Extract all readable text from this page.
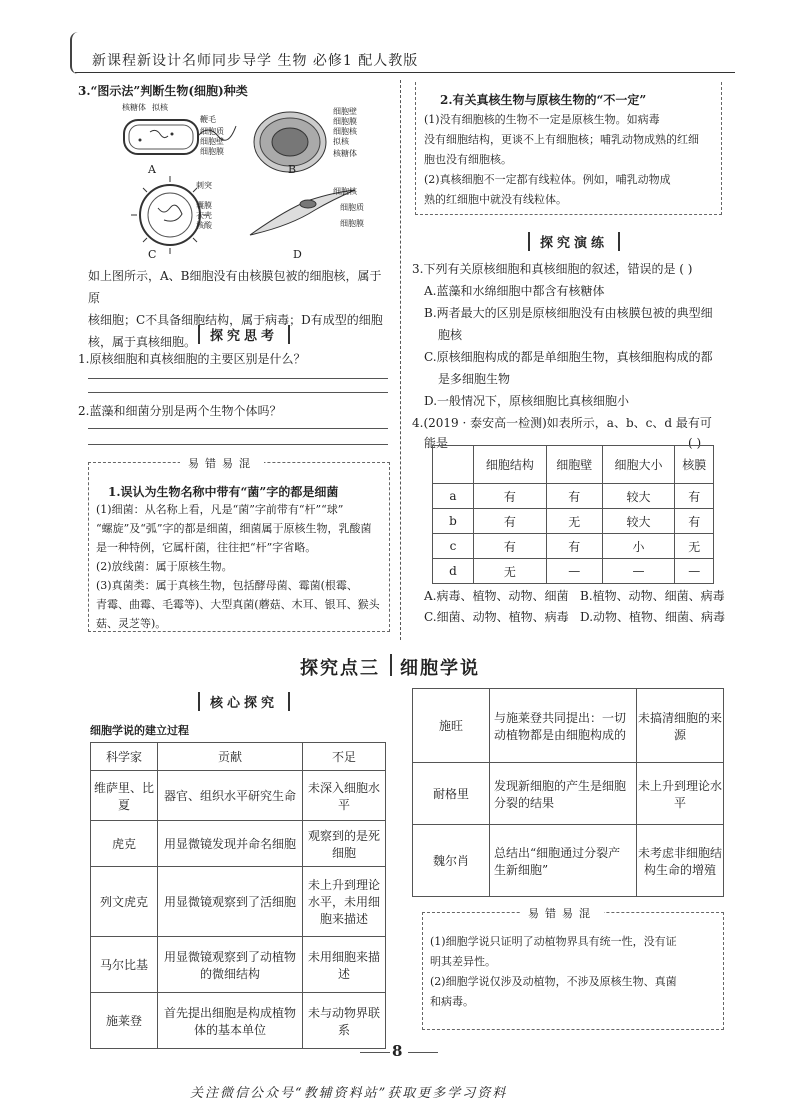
新课程新设计名师同步导学 生物 必修1 配人教版
3.“图示法”判断生物(细胞)种类
核糖体 拟核
鞭毛
细胞质
细胞壁
细胞膜
A
细胞壁
细胞膜
细胞核
拟核
核糖体
B
刺突
囊膜
衣壳
核酸
C
细胞核
细胞质
细胞膜
D
如上图所示，A、B细胞没有由核膜包被的细胞核，属于原
核细胞；C不具备细胞结构，属于病毒；D有成型的细胞
核，属于真核细胞。	探究思考
1.原核细胞和真核细胞的主要区别是什么？
2.蓝藻和细菌分别是两个生物个体吗？
易错易混
1.误认为生物名称中带有“菌”字的都是细菌
(1)细菌：从名称上看，凡是“菌”字前带有“杆”“球”
“螺旋”及“弧”字的都是细菌，细菌属于原核生物，乳酸菌
是一种特例，它属杆菌，往往把“杆”字省略。
(2)放线菌：属于原核生物。
(3)真菌类：属于真核生物，包括酵母菌、霉菌(根霉、
青霉、曲霉、毛霉等)、大型真菌(蘑菇、木耳、银耳、猴头
菇、灵芝等)。
2.有关真核生物与原核生物的“不一定”
(1)没有细胞核的生物不一定是原核生物。如病毒
没有细胞结构，更谈不上有细胞核；哺乳动物成熟的红细
胞也没有细胞核。
(2)真核细胞不一定都有线粒体。例如，哺乳动物成
熟的红细胞中就没有线粒体。
探究演练
3.下列有关原核细胞和真核细胞的叙述，错误的是 ( )
A.蓝藻和水绵细胞中都含有核糖体
B.两者最大的区别是原核细胞没有由核膜包被的典型细
胞核
C.原核细胞构成的都是单细胞生物，真核细胞构成的都
是多细胞生物
D.一般情况下，原核细胞比真核细胞小
4.(2019 · 泰安高一检测)如表所示，a、b、c、d 最有可
能是	( )
	细胞结构	细胞壁	细胞大小	核膜
a	有	有	较大	有
b	有	无	较大	有
c	有	有	小	无
d	无	—	—	—
A.病毒、植物、动物、细菌 B.植物、动物、细菌、病毒
C.细菌、动物、植物、病毒 D.动物、植物、细菌、病毒
探究点三 细胞学说
核心探究
细胞学说的建立过程
科学家	贡献	不足
维萨里、比夏	器官、组织水平研究生命	未深入细胞水平
虎克	用显微镜发现并命名细胞	观察到的是死细胞
列文虎克	用显微镜观察到了活细胞	未上升到理论水平，未用细胞来描述
马尔比基	用显微镜观察到了动植物的微细结构	未用细胞来描述
施莱登	首先提出细胞是构成植物体的基本单位	未与动物界联系
施旺	与施莱登共同提出：一切动植物都是由细胞构成的	未搞清细胞的来源
耐格里	发现新细胞的产生是细胞分裂的结果	未上升到理论水平
魏尔肖	总结出“细胞通过分裂产生新细胞”	未考虑非细胞结构生命的增殖
易错易混
(1)细胞学说只证明了动植物界具有统一性，没有证
明其差异性。
(2)细胞学说仅涉及动植物，不涉及原核生物、真菌
和病毒。
8
关注微信公众号“教辅资料站”获取更多学习资料
